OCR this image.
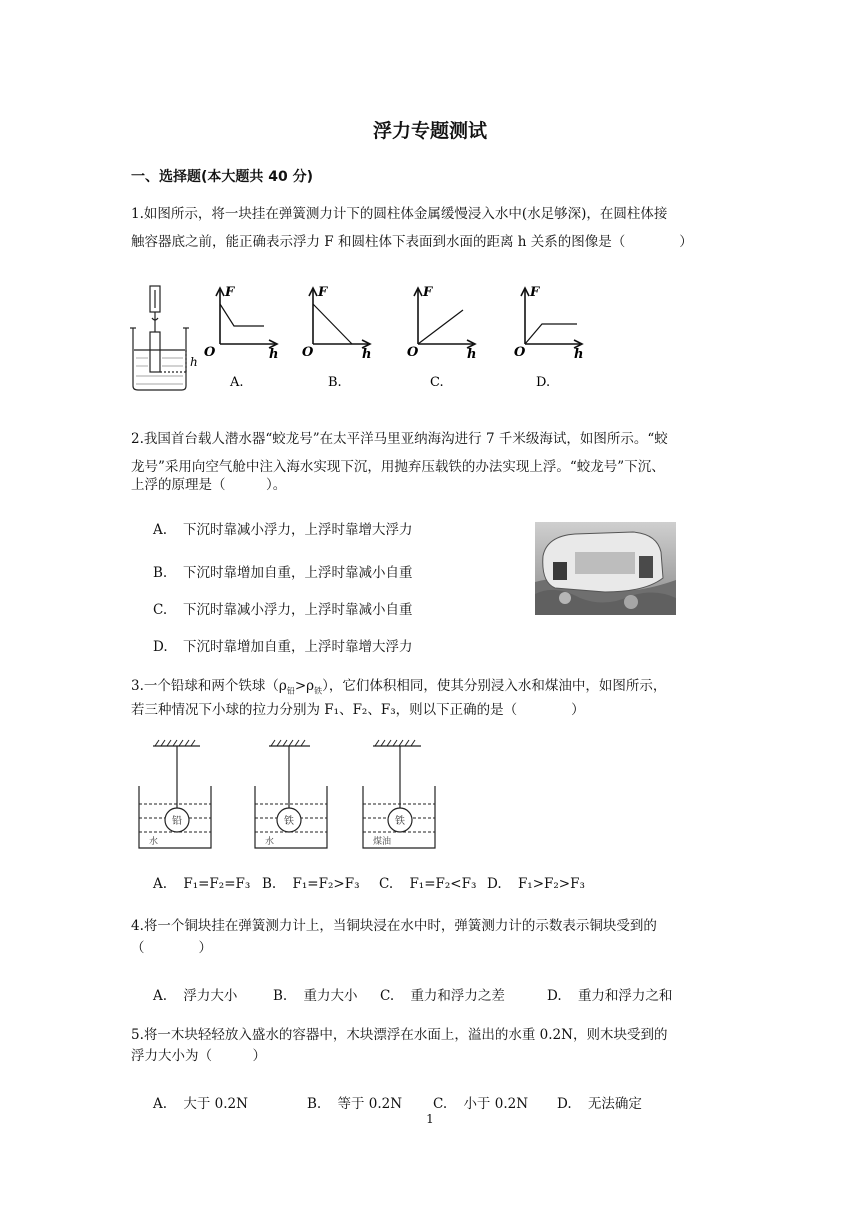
浮力专题测试
一、选择题(本大题共 40 分)
1.如图所示，将一块挂在弹簧测力计下的圆柱体金属缓慢浸入水中(水足够深)，在圆柱体接
触容器底之前，能正确表示浮力 F 和圆柱体下表面到水面的距离 h 关系的图像是（　　　　）
h
F	F	F	F
h	h	h	h
O	O	O	O
A.	B.	C.	D.
2.我国首台载人潜水器“蛟龙号”在太平洋马里亚纳海沟进行 7 千米级海试，如图所示。“蛟
龙号”采用向空气舱中注入海水实现下沉，用抛弃压载铁的办法实现上浮。“蛟龙号”下沉、
上浮的原理是（　　　）。
A. 下沉时靠减小浮力，上浮时靠增大浮力
B. 下沉时靠增加自重，上浮时靠减小自重
C. 下沉时靠减小浮力，上浮时靠减小自重
D. 下沉时靠增加自重，上浮时靠增大浮力
3.一个铅球和两个铁球$(\rho_铅>\rho_铁)$，它们体积相同，使其分别浸入水和煤油中，如图所示，
若三种情况下小球的拉力分别为 F₁、F₂、F₃，则以下正确的是（　　　　）
铅	铁	铁
水	水	煤油
A. F₁=F₂=F₃ B. F₁=F₂>F₃ C. F₁=F₂<F₃ D. F₁>F₂>F₃
4.将一个铜块挂在弹簧测力计上，当铜块浸在水中时，弹簧测力计的示数表示铜块受到的
（　　　　）
A. 浮力大小	B. 重力大小 C. 重力和浮力之差	D. 重力和浮力之和
5.将一木块轻轻放入盛水的容器中，木块漂浮在水面上，溢出的水重 0.2N，则木块受到的
浮力大小为（　　　）
A. 大于 0.2N	B. 等于 0.2N C. 小于 0.2N D. 无法确定
1
